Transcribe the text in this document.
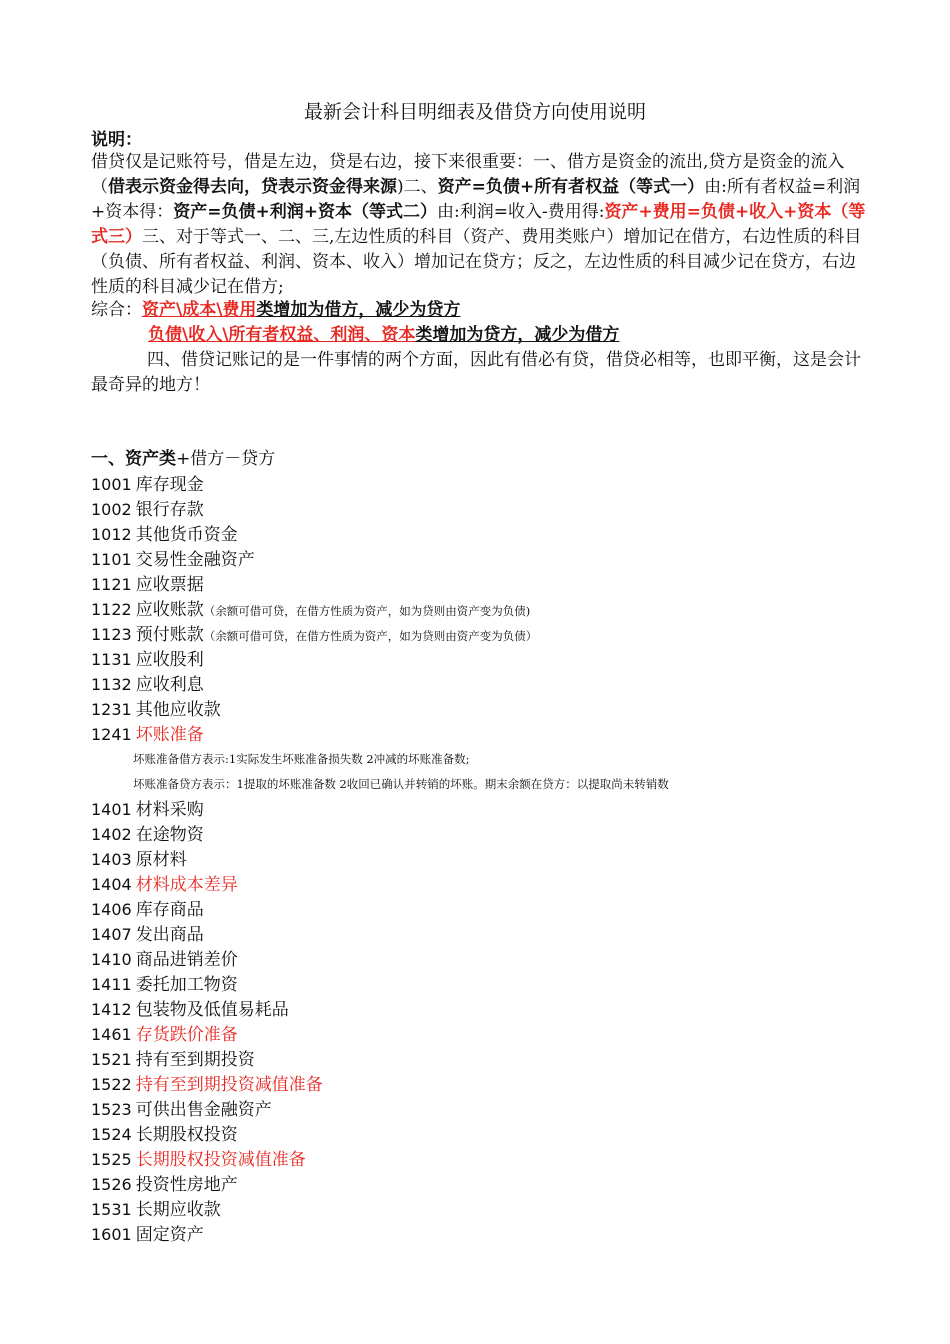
最新会计科目明细表及借贷方向使用说明
说明：
借贷仅是记账符号，借是左边，贷是右边，接下来很重要：一、借方是资金的流出,贷方是资金的流入（借表示资金得去向，贷表示资金得来源)二、资产=负债+所有者权益（等式一）由:所有者权益=利润+资本得：资产=负债+利润+资本（等式二）由:利润=收入-费用得:资产+费用=负债+收入+资本（等式三）三、对于等式一、二、三,左边性质的科目（资产、费用类账户）增加记在借方，右边性质的科目（负债、所有者权益、利润、资本、收入）增加记在贷方；反之，左边性质的科目减少记在贷方，右边性质的科目减少记在借方;
综合：资产\成本\费用类增加为借方，减少为贷方
负债\收入\所有者权益、利润、资本类增加为贷方，减少为借方
四、借贷记账记的是一件事情的两个方面，因此有借必有贷，借贷必相等，也即平衡，这是会计最奇异的地方！
一、资产类+借方－贷方
1001 库存现金
1002 银行存款
1012 其他货币资金
1101 交易性金融资产
1121 应收票据
1122 应收账款（余额可借可贷，在借方性质为资产，如为贷则由资产变为负债)
1123 预付账款（余额可借可贷，在借方性质为资产，如为贷则由资产变为负债）
1131 应收股利
1132 应收利息
1231 其他应收款
1241 坏账准备
坏账准备借方表示:1实际发生坏账准备损失数 2冲减的坏账准备数;
坏账准备贷方表示：1提取的坏账准备数 2收回已确认并转销的坏账。期末余额在贷方：以提取尚未转销数
1401 材料采购
1402 在途物资
1403 原材料
1404 材料成本差异
1406 库存商品
1407 发出商品
1410 商品进销差价
1411 委托加工物资
1412 包装物及低值易耗品
1461 存货跌价准备
1521 持有至到期投资
1522 持有至到期投资减值准备
1523 可供出售金融资产
1524 长期股权投资
1525 长期股权投资减值准备
1526 投资性房地产
1531 长期应收款
1601 固定资产
